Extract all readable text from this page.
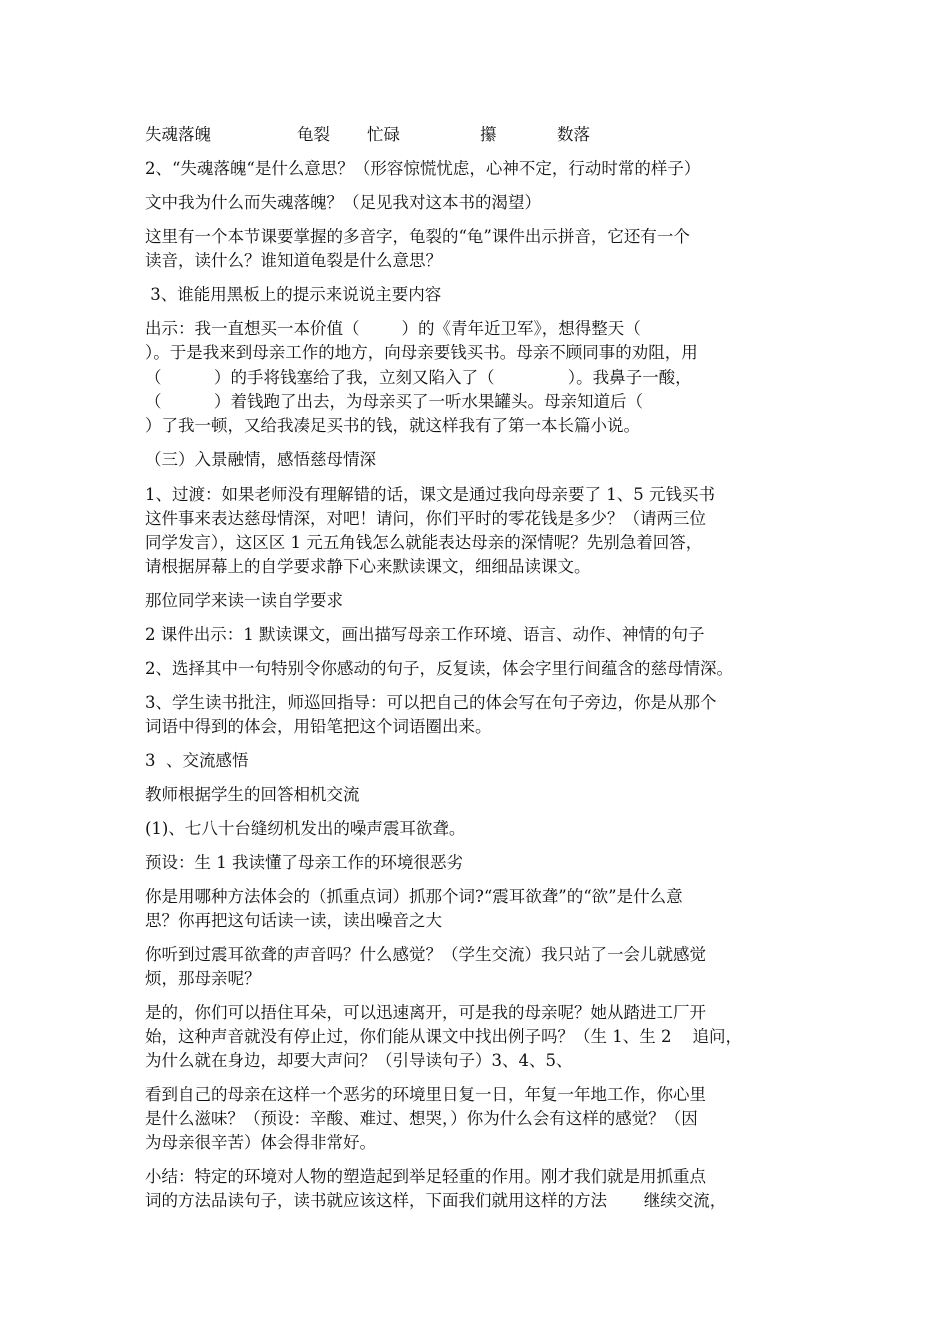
失魂落魄

	龟裂

忙碌

	攥

	数落

2、“失魂落魄“是什么意思？（形容惊慌忧虑，心神不定，行动时常的样子）
文中我为什么而失魂落魄？（足见我对这本书的渴望）
这里有一个本节课要掌握的多音字，龟裂的“龟”课件出示拼音，它还有一个
读音，读什么？谁知道龟裂是什么意思？
3、谁能用黑板上的提示来说说主要内容
出示：我一直想买一本价值（        ）的《青年近卫军》，想得整天（
）。于是我来到母亲工作的地方，向母亲要钱买书。母亲不顾同事的劝阻，用
（          ）的手将钱塞给了我，立刻又陷入了（              ）。我鼻子一酸，
（          ）着钱跑了出去，为母亲买了一听水果罐头。母亲知道后（
）了我一顿，又给我凑足买书的钱，就这样我有了第一本长篇小说。
（三）入景融情，感悟慈母情深
1、过渡：如果老师没有理解错的话，课文是通过我向母亲要了 1、5 元钱买书
这件事来表达慈母情深，对吧！请问，你们平时的零花钱是多少？（请两三位
同学发言），这区区 1 元五角钱怎么就能表达母亲的深情呢？先别急着回答，
请根据屏幕上的自学要求静下心来默读课文，细细品读课文。
那位同学来读一读自学要求
2 课件出示：1 默读课文，画出描写母亲工作环境、语言、动作、神情的句子
2、选择其中一句特别令你感动的句子，反复读，体会字里行间蕴含的慈母情深。
3、学生读书批注，师巡回指导：可以把自己的体会写在句子旁边，你是从那个
词语中得到的体会，用铅笔把这个词语圈出来。
3  、交流感悟
教师根据学生的回答相机交流
(1)、七八十台缝纫机发出的噪声震耳欲聋。
预设：生 1 我读懂了母亲工作的环境很恶劣
你是用哪种方法体会的（抓重点词）抓那个词?“震耳欲聋”的“欲”是什么意
思？你再把这句话读一读，读出噪音之大
你听到过震耳欲聋的声音吗？什么感觉？（学生交流）我只站了一会儿就感觉
烦，那母亲呢？
是的，你们可以捂住耳朵，可以迅速离开，可是我的母亲呢？她从踏进工厂开
始，这种声音就没有停止过，你们能从课文中找出例子吗？（生 1、生 2    追问，
为什么就在身边，却要大声问？（引导读句子）3、4、5、
看到自己的母亲在这样一个恶劣的环境里日复一日，年复一年地工作，你心里
是什么滋味？（预设：辛酸、难过、想哭，）你为什么会有这样的感觉？（因
为母亲很辛苦）体会得非常好。
小结：特定的环境对人物的塑造起到举足轻重的作用。刚才我们就是用抓重点
词的方法品读句子，读书就应该这样，下面我们就用这样的方法       继续交流，
